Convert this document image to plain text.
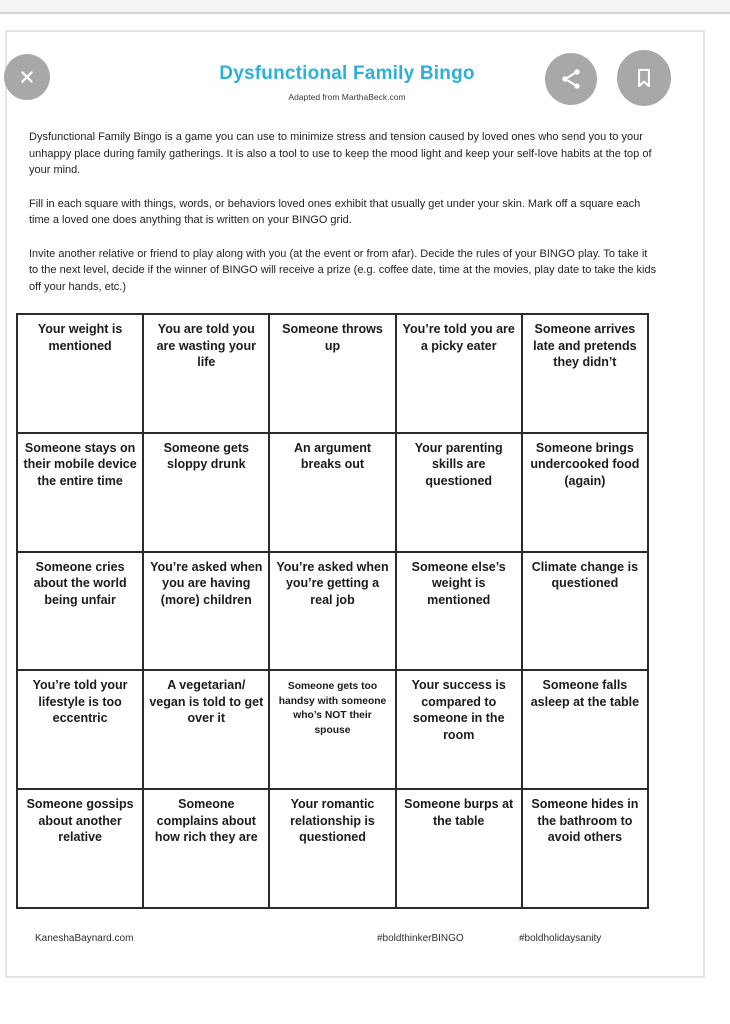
Dysfunctional Family Bingo
Adapted from MarthaBeck.com

Dysfunctional Family Bingo is a game you can use to minimize stress and tension caused by loved ones who send you to your unhappy place during family gatherings. It is also a tool to use to keep the mood light and keep your self-love habits at the top of your mind.

Fill in each square with things, words, or behaviors loved ones exhibit that usually get under your skin. Mark off a square each time a loved one does anything that is written on your BINGO grid.

Invite another relative or friend to play along with you (at the event or from afar). Decide the rules of your BINGO play. To take it to the next level, decide if the winner of BINGO will receive a prize (e.g. coffee date, time at the movies, play date to take the kids off your hands, etc.)

Your weight is mentioned
You are told you are wasting your life
Someone throws up
You’re told you are a picky eater
Someone arrives late and pretends they didn’t
Someone stays on their mobile device the entire time
Someone gets sloppy drunk
An argument breaks out
Your parenting skills are questioned
Someone brings undercooked food (again)
Someone cries about the world being unfair
You’re asked when you are having (more) children
You’re asked when you’re getting a real job
Someone else’s weight is mentioned
Climate change is questioned
You’re told your lifestyle is too eccentric
A vegetarian/ vegan is told to get over it
Someone gets too handsy with someone who’s NOT their spouse
Your success is compared to someone in the room
Someone falls asleep at the table
Someone gossips about another relative
Someone complains about how rich they are
Your romantic relationship is questioned
Someone burps at the table
Someone hides in the bathroom to avoid others
KaneshaBaynard.com	#boldthinkerBINGO	#boldholidaysanity
